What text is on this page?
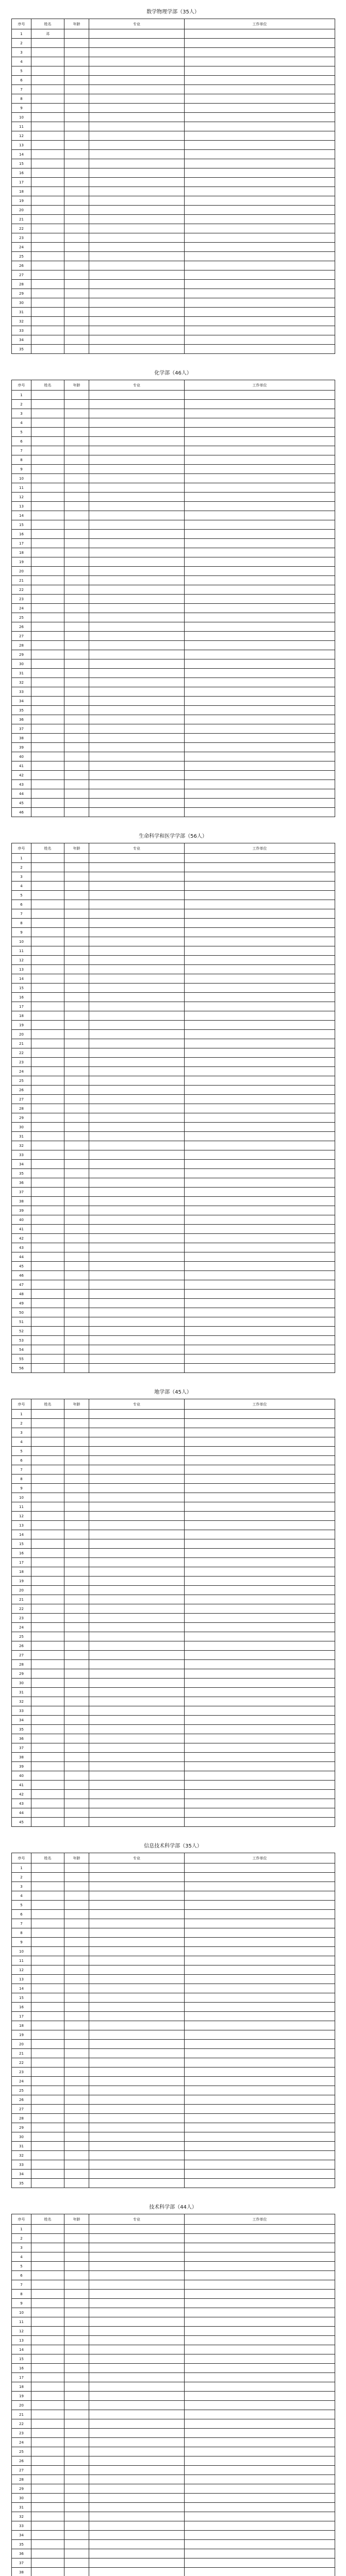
数学物理学部（35人）
序号	姓名	年龄	专业	工作单位
1	邓			
2				
3				
4				
5				
6				
7				
8				
9				
10				
11				
12				
13				
14				
15				
16				
17				
18				
19				
20				
21				
22				
23				
24				
25				
26				
27				
28				
29				
30				
31				
32				
33				
34				
35				
化学部（46人）
序号	姓名	年龄	专业	工作单位
1				
2				
3				
4				
5				
6				
7				
8				
9				
10				
11				
12				
13				
14				
15				
16				
17				
18				
19				
20				
21				
22				
23				
24				
25				
26				
27				
28				
29				
30				
31				
32				
33				
34				
35				
36				
37				
38				
39				
40				
41				
42				
43				
44				
45				
46				
生命科学和医学学部（56人）
序号	姓名	年龄	专业	工作单位
1				
2				
3				
4				
5				
6				
7				
8				
9				
10				
11				
12				
13				
14				
15				
16				
17				
18				
19				
20				
21				
22				
23				
24				
25				
26				
27				
28				
29				
30				
31				
32				
33				
34				
35				
36				
37				
38				
39				
40				
41				
42				
43				
44				
45				
46				
47				
48				
49				
50				
51				
52				
53				
54				
55				
56				
地学部（45人）
序号	姓名	年龄	专业	工作单位
1				
2				
3				
4				
5				
6				
7				
8				
9				
10				
11				
12				
13				
14				
15				
16				
17				
18				
19				
20				
21				
22				
23				
24				
25				
26				
27				
28				
29				
30				
31				
32				
33				
34				
35				
36				
37				
38				
39				
40				
41				
42				
43				
44				
45				
信息技术科学部（35人）
序号	姓名	年龄	专业	工作单位
1				
2				
3				
4				
5				
6				
7				
8				
9				
10				
11				
12				
13				
14				
15				
16				
17				
18				
19				
20				
21				
22				
23				
24				
25				
26				
27				
28				
29				
30				
31				
32				
33				
34				
35				
技术科学部（44人）
序号	姓名	年龄	专业	工作单位
1				
2				
3				
4				
5				
6				
7				
8				
9				
10				
11				
12				
13				
14				
15				
16				
17				
18				
19				
20				
21				
22				
23				
24				
25				
26				
27				
28				
29				
30				
31				
32				
33				
34				
35				
36				
37				
38				
